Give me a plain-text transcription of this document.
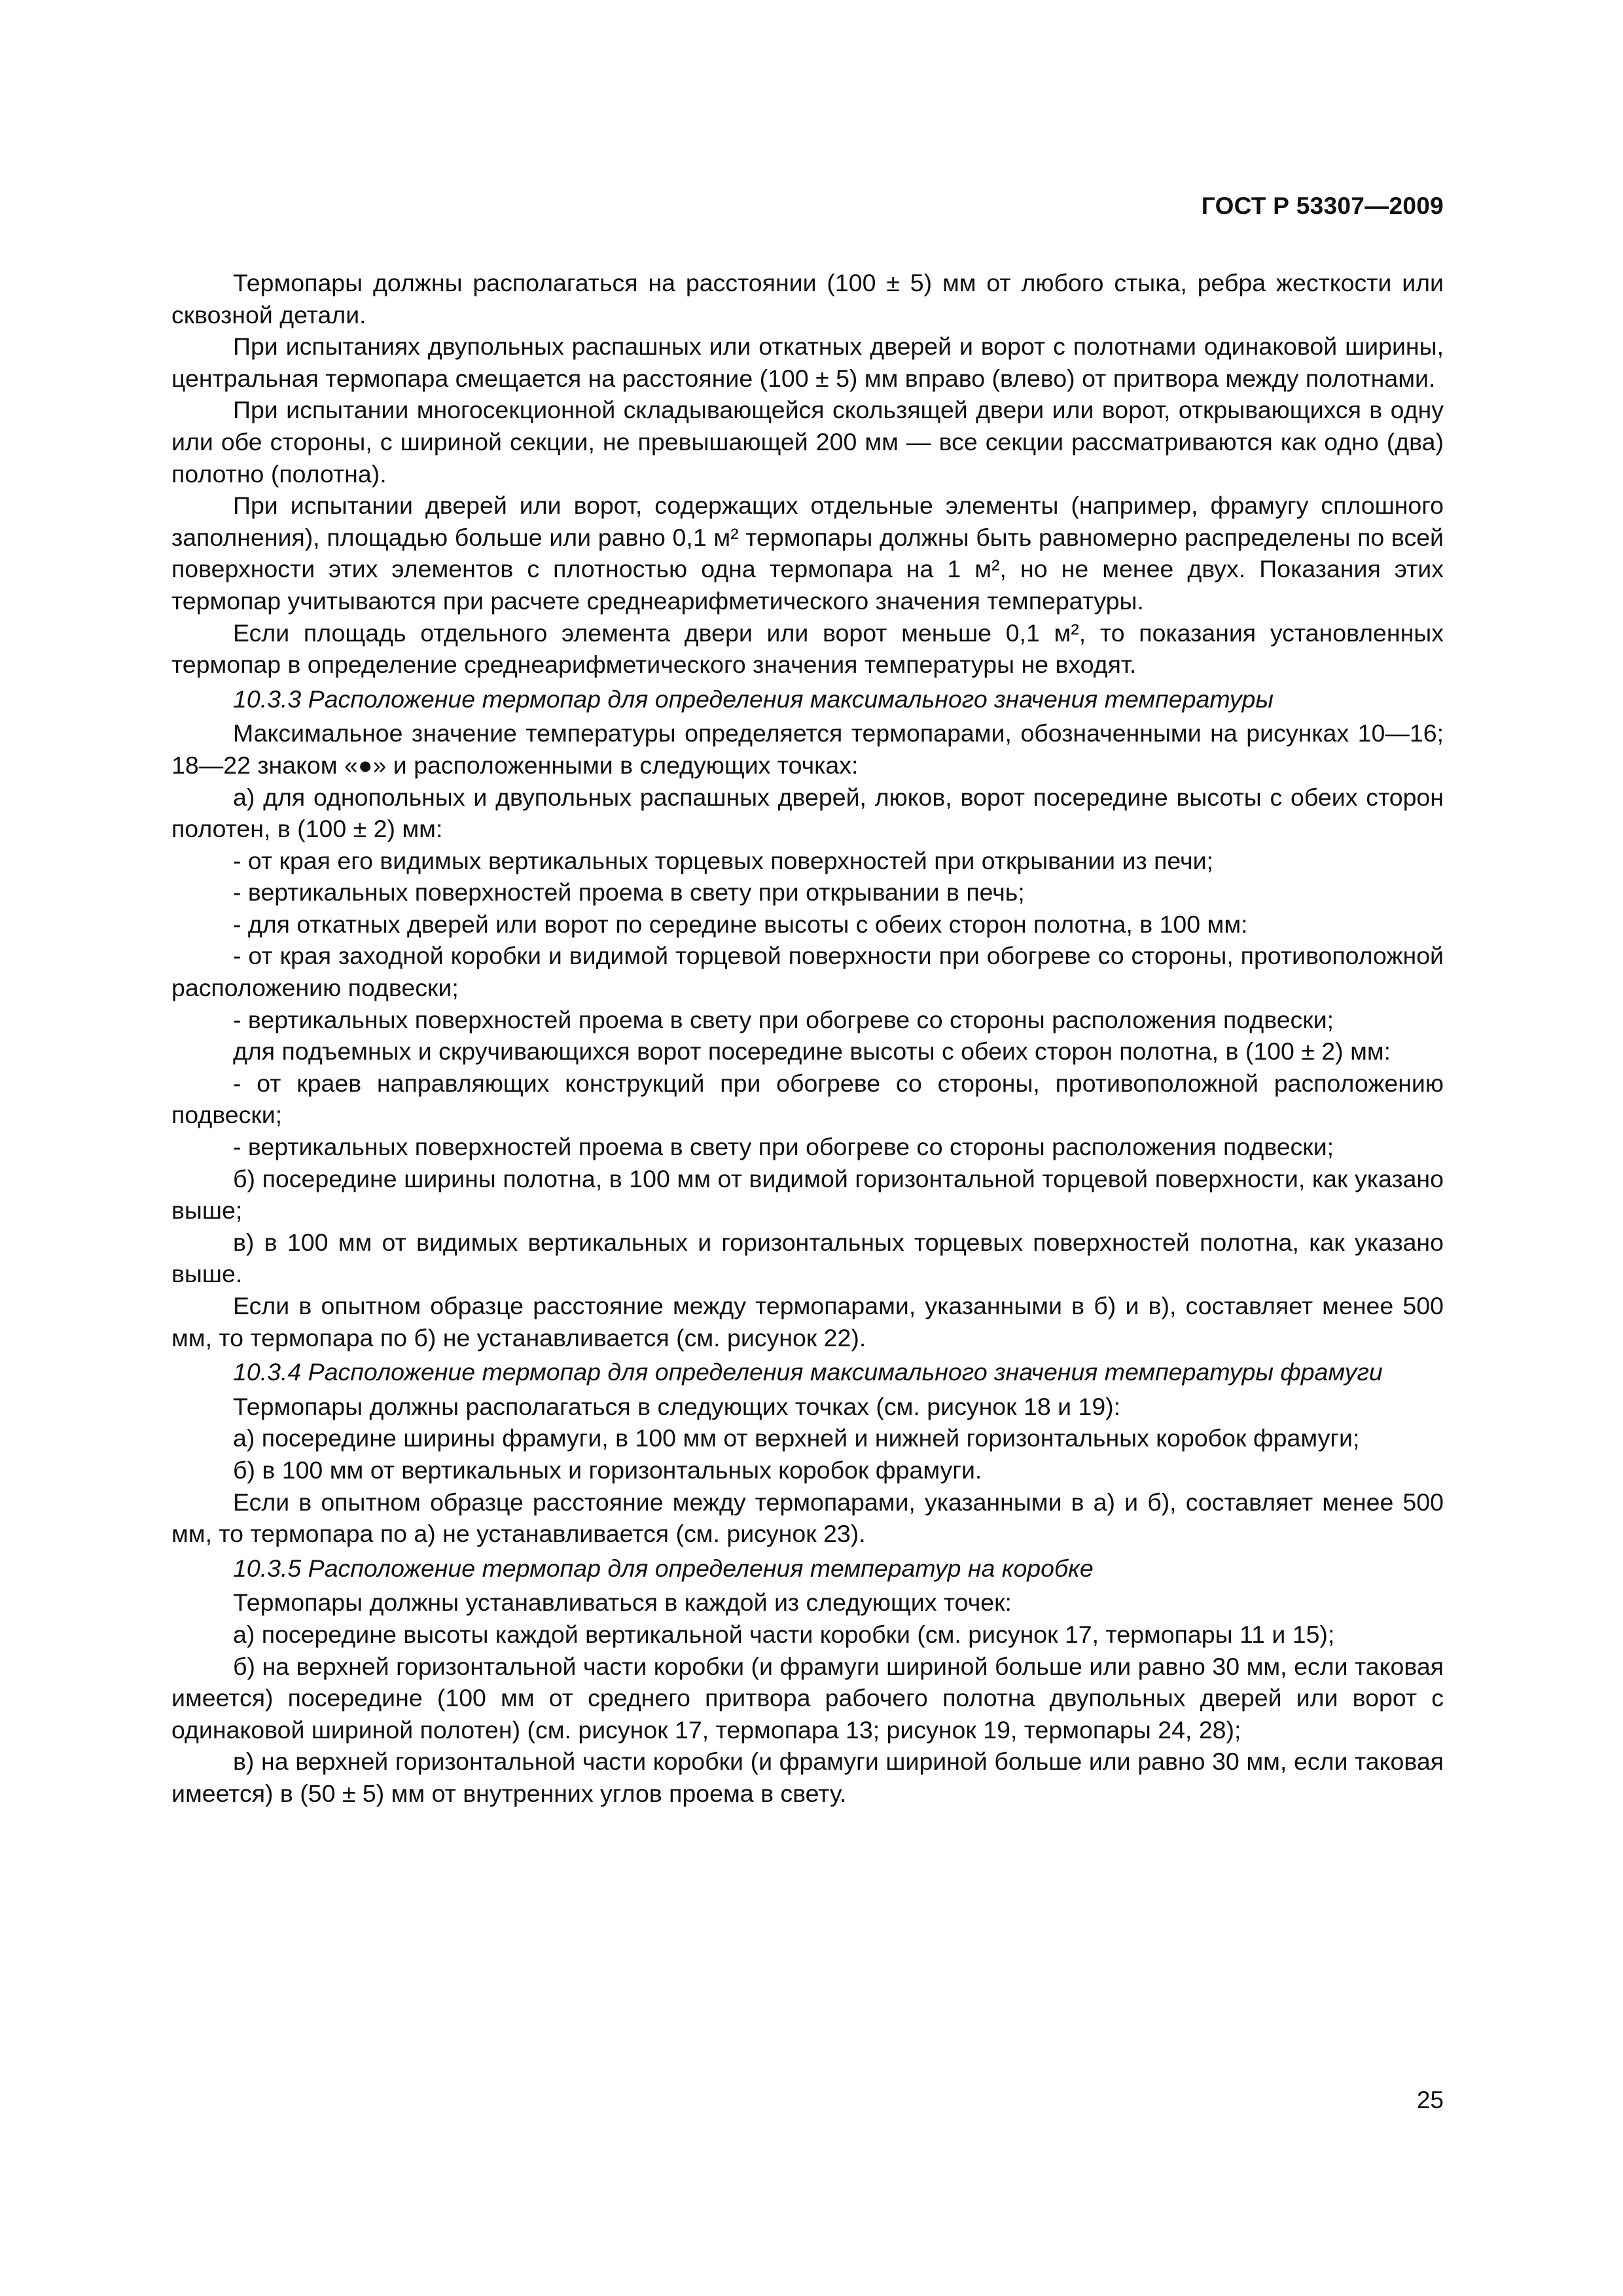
ГОСТ Р 53307—2009

Термопары должны располагаться на расстоянии (100 ± 5) мм от любого стыка, ребра жесткости или сквозной детали.

При испытаниях двупольных распашных или откатных дверей и ворот с полотнами одинаковой ширины, центральная термопара смещается на расстояние (100 ± 5) мм вправо (влево) от притвора между полотнами.

При испытании многосекционной складывающейся скользящей двери или ворот, открывающихся в одну или обе стороны, с шириной секции, не превышающей 200 мм — все секции рассматриваются как одно (два) полотно (полотна).

При испытании дверей или ворот, содержащих отдельные элементы (например, фрамугу сплошного заполнения), площадью больше или равно 0,1 м² термопары должны быть равномерно распределены по всей поверхности этих элементов с плотностью одна термопара на 1 м², но не менее двух. Показания этих термопар учитываются при расчете среднеарифметического значения температуры.

Если площадь отдельного элемента двери или ворот меньше 0,1 м², то показания установленных термопар в определение среднеарифметического значения температуры не входят.

10.3.3 Расположение термопар для определения максимального значения температуры

Максимальное значение температуры определяется термопарами, обозначенными на рисунках 10—16; 18—22 знаком «●» и расположенными в следующих точках:

а) для однопольных и двупольных распашных дверей, люков, ворот посередине высоты с обеих сторон полотен, в (100 ± 2) мм:

- от края его видимых вертикальных торцевых поверхностей при открывании из печи;

- вертикальных поверхностей проема в свету при открывании в печь;

- для откатных дверей или ворот по середине высоты с обеих сторон полотна, в 100 мм:

- от края заходной коробки и видимой торцевой поверхности при обогреве со стороны, противоположной расположению подвески;

- вертикальных поверхностей проема в свету при обогреве со стороны расположения подвески;

для подъемных и скручивающихся ворот посередине высоты с обеих сторон полотна, в (100 ± 2) мм:

- от краев направляющих конструкций при обогреве со стороны, противоположной расположению подвески;

- вертикальных поверхностей проема в свету при обогреве со стороны расположения подвески;

б) посередине ширины полотна, в 100 мм от видимой горизонтальной торцевой поверхности, как указано выше;

в) в 100 мм от видимых вертикальных и горизонтальных торцевых поверхностей полотна, как указано выше.

Если в опытном образце расстояние между термопарами, указанными в б) и в), составляет менее 500 мм, то термопара по б) не устанавливается (см. рисунок 22).

10.3.4 Расположение термопар для определения максимального значения температуры фрамуги

Термопары должны располагаться в следующих точках (см. рисунок 18 и 19):

а) посередине ширины фрамуги, в 100 мм от верхней и нижней горизонтальных коробок фрамуги;

б) в 100 мм от вертикальных и горизонтальных коробок фрамуги.

Если в опытном образце расстояние между термопарами, указанными в а) и б), составляет менее 500 мм, то термопара по а) не устанавливается (см. рисунок 23).

10.3.5 Расположение термопар для определения температур на коробке

Термопары должны устанавливаться в каждой из следующих точек:

а) посередине высоты каждой вертикальной части коробки (см. рисунок 17, термопары 11 и 15);

б) на верхней горизонтальной части коробки (и фрамуги шириной больше или равно 30 мм, если таковая имеется) посередине (100 мм от среднего притвора рабочего полотна двупольных дверей или ворот с одинаковой шириной полотен) (см. рисунок 17, термопара 13; рисунок 19, термопары 24, 28);

в) на верхней горизонтальной части коробки (и фрамуги шириной больше или равно 30 мм, если таковая имеется) в (50 ± 5) мм от внутренних углов проема в свету.

25
